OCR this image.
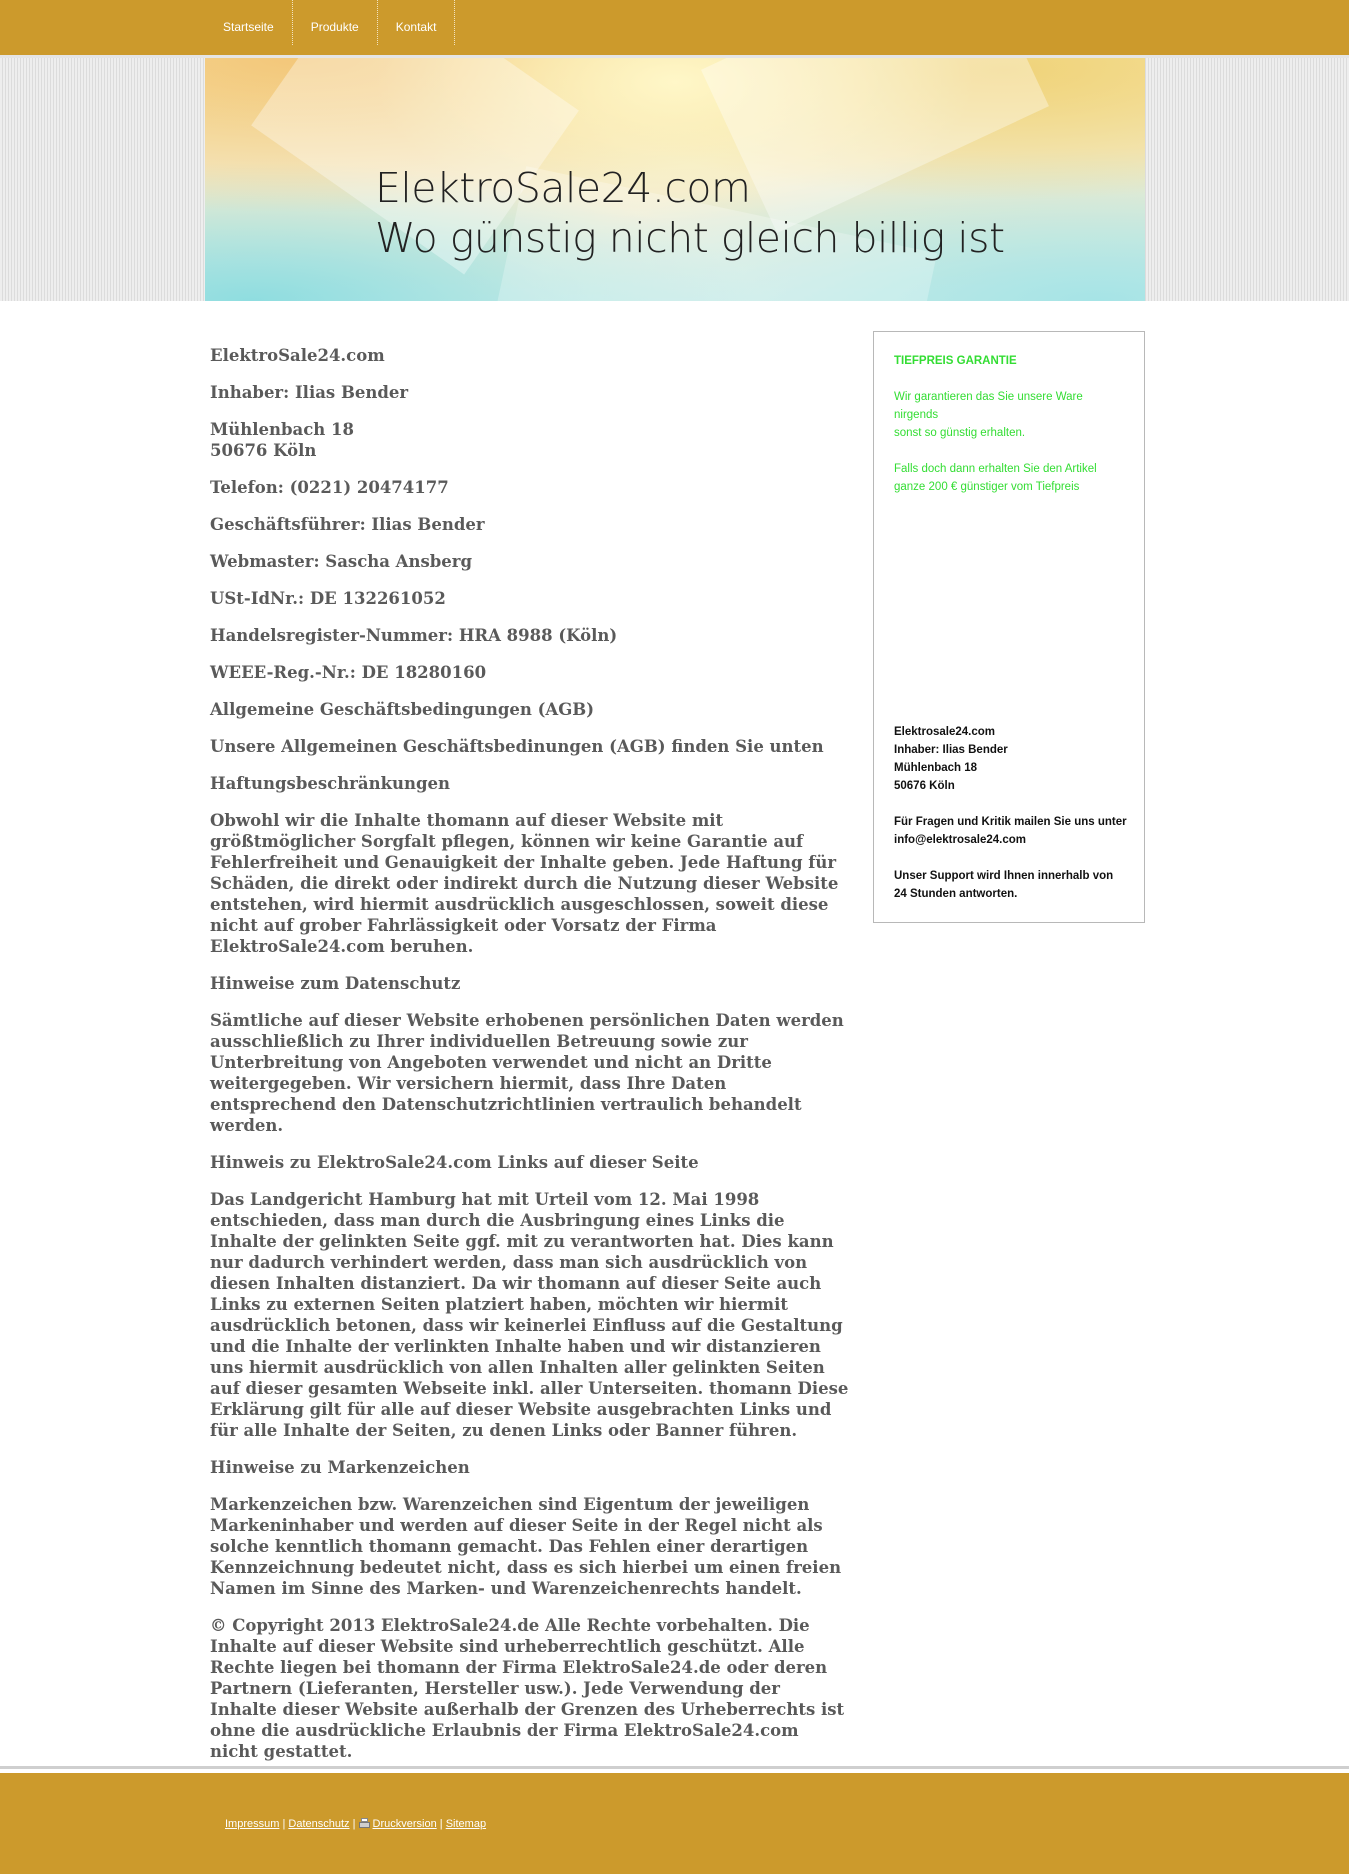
Startseite	Produkte	Kontakt
ElektroSale24.com
Wo günstig nicht gleich billig ist

ElektroSale24.com

Inhaber: Ilias Bender

Mühlenbach 18
50676 Köln

Telefon: (0221) 20474177

Geschäftsführer: Ilias Bender

Webmaster: Sascha Ansberg

USt-IdNr.: DE 132261052

Handelsregister-Nummer: HRA 8988 (Köln)

WEEE-Reg.-Nr.: DE 18280160

Allgemeine Geschäftsbedingungen (AGB)

Unsere Allgemeinen Geschäftsbedinungen (AGB) finden Sie unten

Haftungsbeschränkungen

Obwohl wir die Inhalte thomann auf dieser Website mit größtmöglicher Sorgfalt pflegen, können wir keine Garantie auf Fehlerfreiheit und Genauigkeit der Inhalte geben. Jede Haftung für Schäden, die direkt oder indirekt durch die Nutzung dieser Website entstehen, wird hiermit ausdrücklich ausgeschlossen, soweit diese nicht auf grober Fahrlässigkeit oder Vorsatz der Firma ElektroSale24.com beruhen.

Hinweise zum Datenschutz

Sämtliche auf dieser Website erhobenen persönlichen Daten werden ausschließlich zu Ihrer individuellen Betreuung sowie zur Unterbreitung von Angeboten verwendet und nicht an Dritte weitergegeben. Wir versichern hiermit, dass Ihre Daten entsprechend den Datenschutzrichtlinien vertraulich behandelt werden.

Hinweis zu ElektroSale24.com Links auf dieser Seite

Das Landgericht Hamburg hat mit Urteil vom 12. Mai 1998 entschieden, dass man durch die Ausbringung eines Links die Inhalte der gelinkten Seite ggf. mit zu verantworten hat. Dies kann nur dadurch verhindert werden, dass man sich ausdrücklich von diesen Inhalten distanziert. Da wir thomann auf dieser Seite auch Links zu externen Seiten platziert haben, möchten wir hiermit ausdrücklich betonen, dass wir keinerlei Einfluss auf die Gestaltung und die Inhalte der verlinkten Inhalte haben und wir distanzieren uns hiermit ausdrücklich von allen Inhalten aller gelinkten Seiten auf dieser gesamten Webseite inkl. aller Unterseiten. thomann Diese Erklärung gilt für alle auf dieser Website ausgebrachten Links und für alle Inhalte der Seiten, zu denen Links oder Banner führen.

Hinweise zu Markenzeichen

Markenzeichen bzw. Warenzeichen sind Eigentum der jeweiligen Markeninhaber und werden auf dieser Seite in der Regel nicht als solche kenntlich thomann gemacht. Das Fehlen einer derartigen Kennzeichnung bedeutet nicht, dass es sich hierbei um einen freien Namen im Sinne des Marken- und Warenzeichenrechts handelt.

© Copyright 2013 ElektroSale24.de Alle Rechte vorbehalten. Die Inhalte auf dieser Website sind urheberrechtlich geschützt. Alle Rechte liegen bei thomann der Firma ElektroSale24.de oder deren Partnern (Lieferanten, Hersteller usw.). Jede Verwendung der Inhalte dieser Website außerhalb der Grenzen des Urheberrechts ist ohne die ausdrückliche Erlaubnis der Firma ElektroSale24.com nicht gestattet.

TIEFPREIS GARANTIE
Wir garantieren das Sie unsere Ware nirgends
sonst so günstig erhalten.
Falls doch dann erhalten Sie den Artikel ganze 200 € günstiger vom Tiefpreis
Elektrosale24.com
Inhaber: Ilias Bender
Mühlenbach 18
50676 Köln
Für Fragen und Kritik mailen Sie uns unter info@elektrosale24.com
Unser Support wird Ihnen innerhalb von 24 Stunden antworten.
Impressum | Datenschutz | Druckversion | Sitemap
